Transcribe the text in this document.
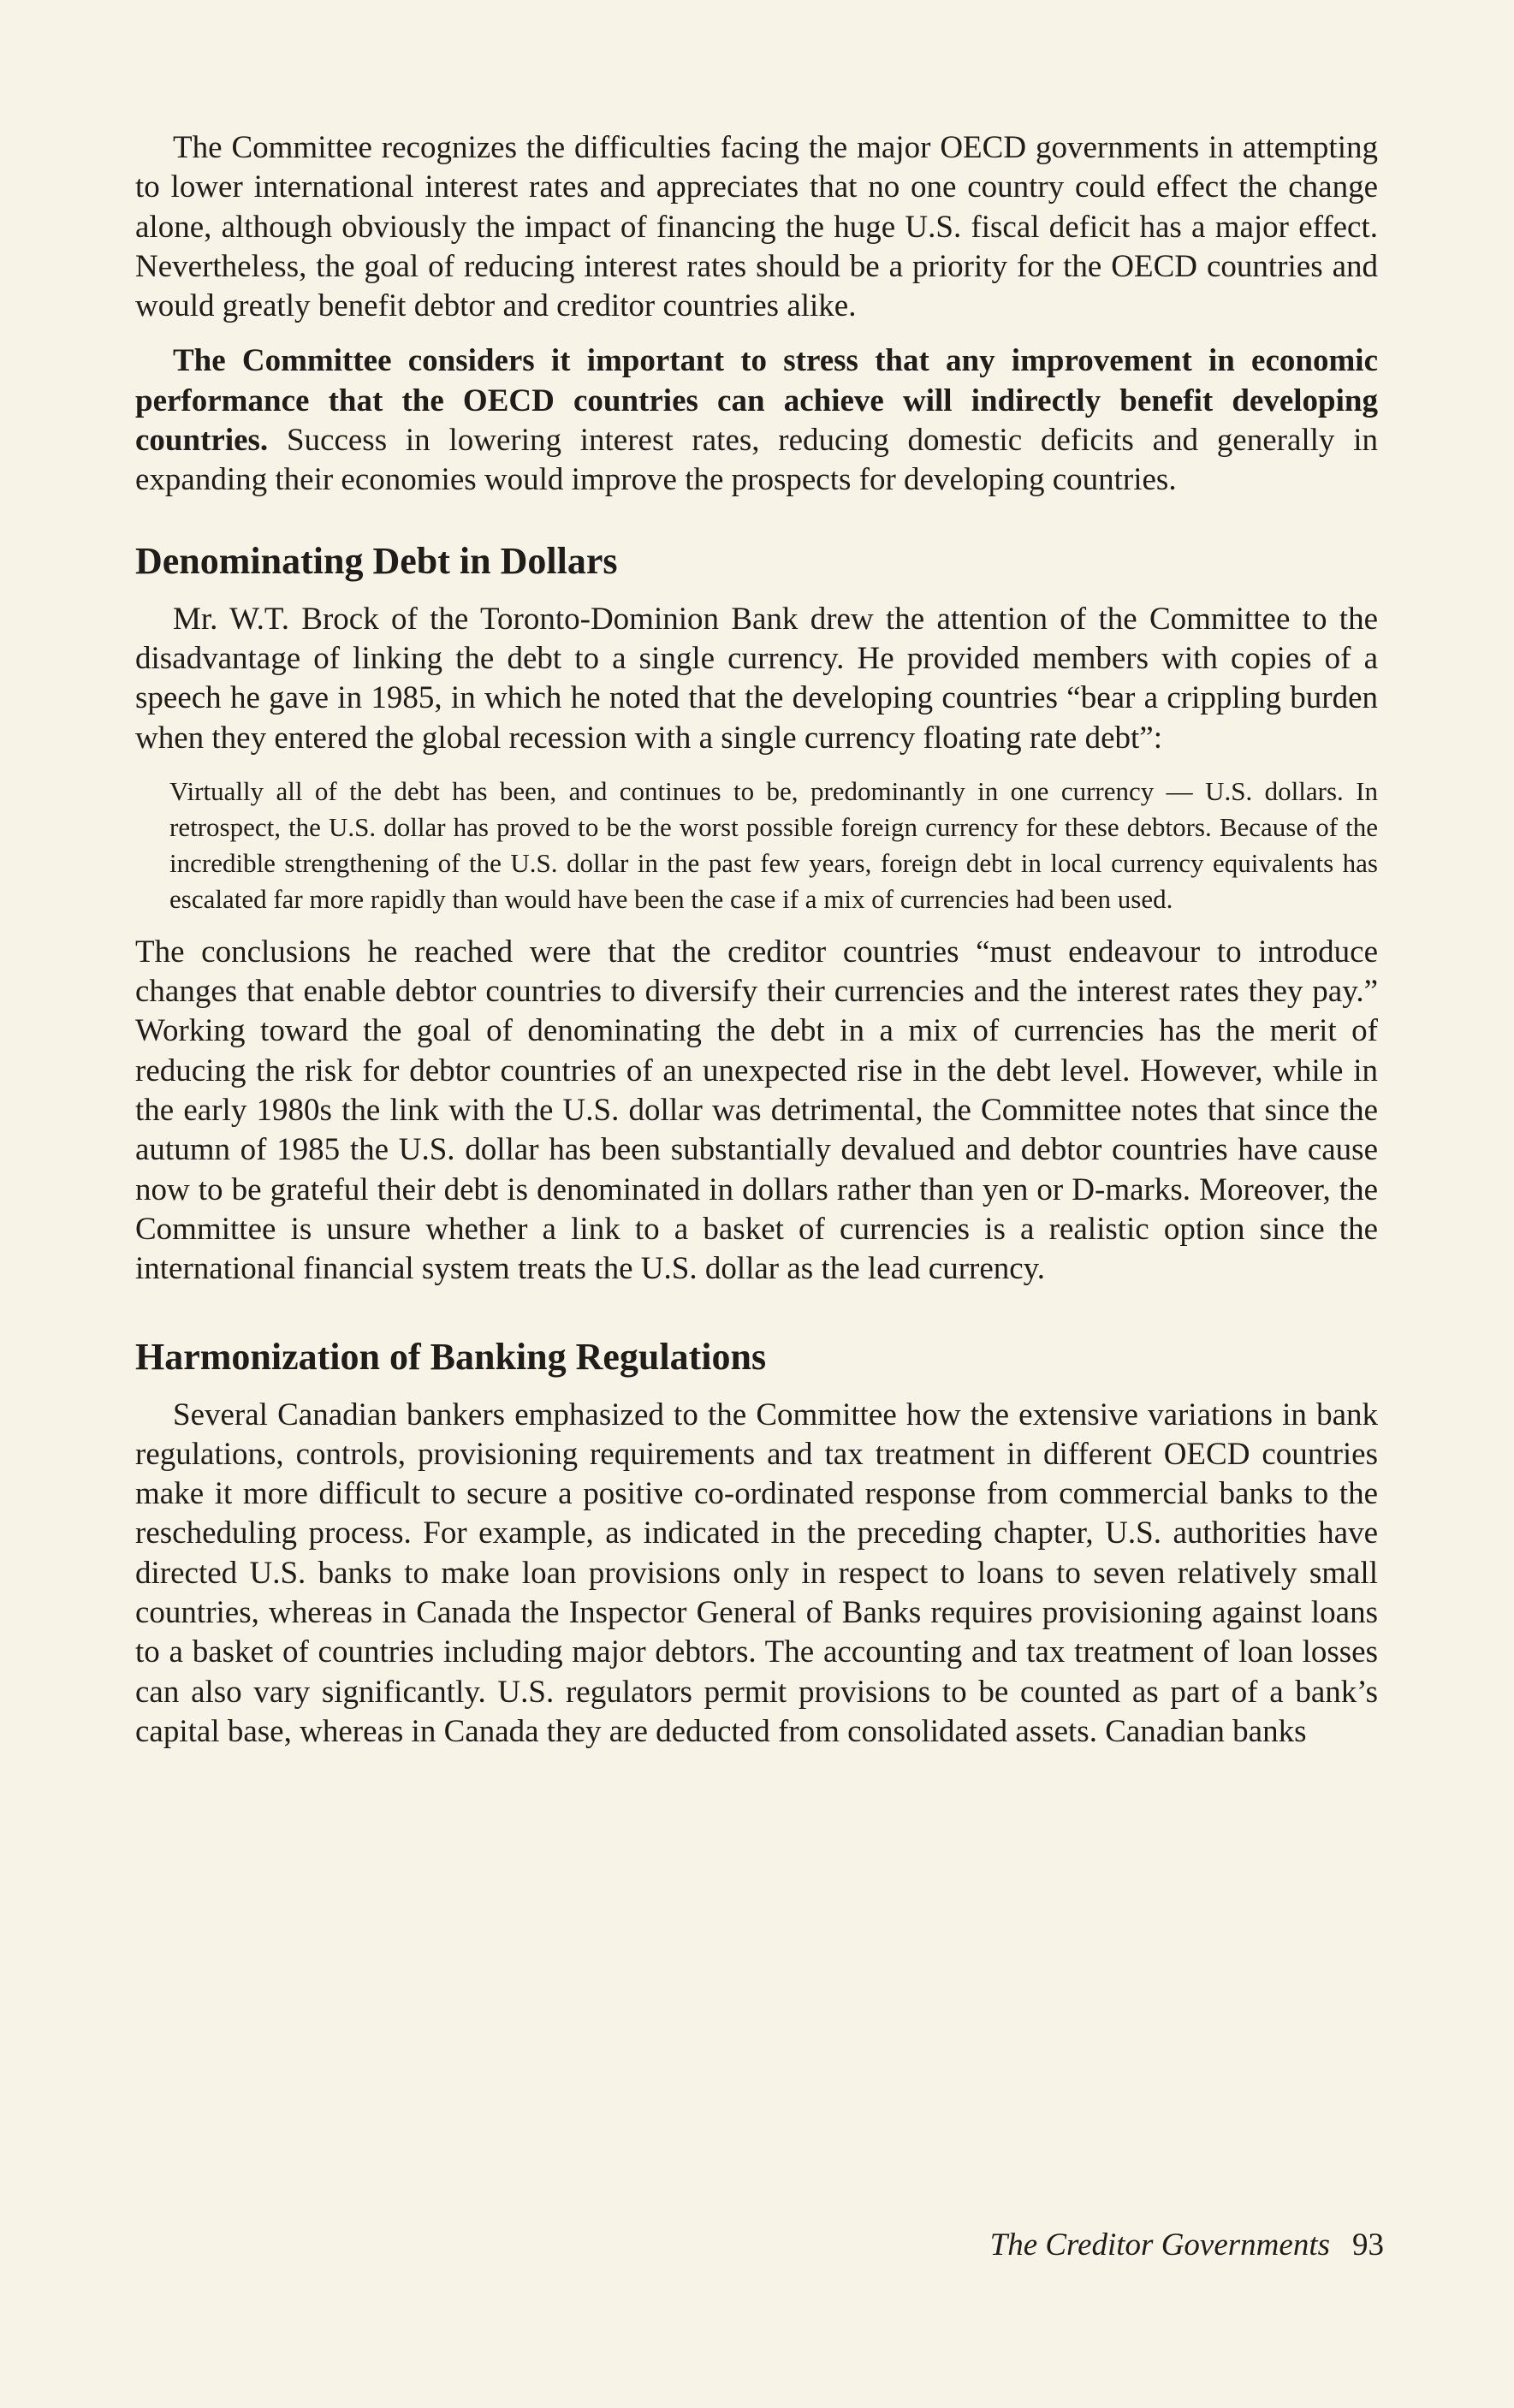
The Committee recognizes the difficulties facing the major OECD governments in attempting to lower international interest rates and appreciates that no one country could effect the change alone, although obviously the impact of financing the huge U.S. fiscal deficit has a major effect. Nevertheless, the goal of reducing interest rates should be a priority for the OECD countries and would greatly benefit debtor and creditor countries alike.

The Committee considers it important to stress that any improvement in economic performance that the OECD countries can achieve will indirectly benefit developing countries. Success in lowering interest rates, reducing domestic deficits and generally in expanding their economies would improve the prospects for developing countries.

Denominating Debt in Dollars

Mr. W.T. Brock of the Toronto-Dominion Bank drew the attention of the Committee to the disadvantage of linking the debt to a single currency. He provided members with copies of a speech he gave in 1985, in which he noted that the developing countries “bear a crippling burden when they entered the global recession with a single currency floating rate debt”:

Virtually all of the debt has been, and continues to be, predominantly in one currency — U.S. dollars. In retrospect, the U.S. dollar has proved to be the worst possible foreign currency for these debtors. Because of the incredible strengthening of the U.S. dollar in the past few years, foreign debt in local currency equivalents has escalated far more rapidly than would have been the case if a mix of currencies had been used.

The conclusions he reached were that the creditor countries “must endeavour to introduce changes that enable debtor countries to diversify their currencies and the interest rates they pay.” Working toward the goal of denominating the debt in a mix of currencies has the merit of reducing the risk for debtor countries of an unexpected rise in the debt level. However, while in the early 1980s the link with the U.S. dollar was detrimental, the Committee notes that since the autumn of 1985 the U.S. dollar has been substantially devalued and debtor countries have cause now to be grateful their debt is denominated in dollars rather than yen or D-marks. Moreover, the Committee is unsure whether a link to a basket of currencies is a realistic option since the international financial system treats the U.S. dollar as the lead currency.

Harmonization of Banking Regulations

Several Canadian bankers emphasized to the Committee how the extensive variations in bank regulations, controls, provisioning requirements and tax treatment in different OECD countries make it more difficult to secure a positive co-ordinated response from commercial banks to the rescheduling process. For example, as indicated in the preceding chapter, U.S. authorities have directed U.S. banks to make loan provisions only in respect to loans to seven relatively small countries, whereas in Canada the Inspector General of Banks requires provisioning against loans to a basket of countries including major debtors. The accounting and tax treatment of loan losses can also vary significantly. U.S. regulators permit provisions to be counted as part of a bank’s capital base, whereas in Canada they are deducted from consolidated assets. Canadian banks

The Creditor Governments 93
